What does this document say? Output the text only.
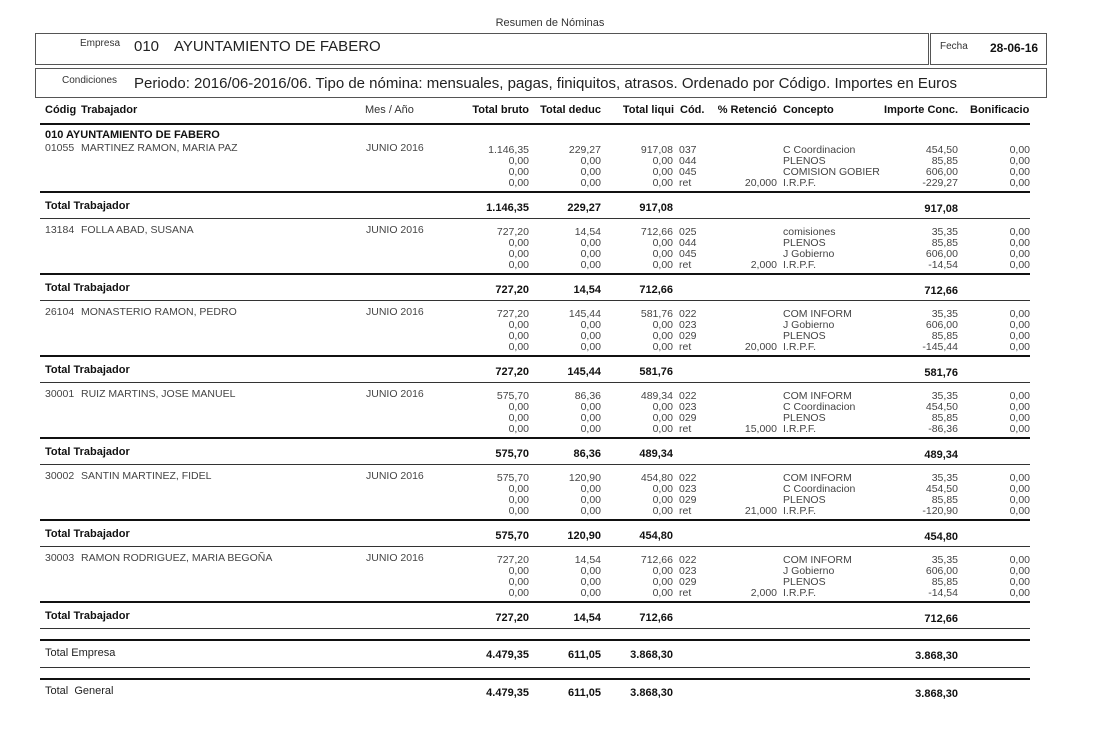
Resumen de Nóminas
Empresa 010 AYUNTAMIENTO DE FABERO	Fecha 28-06-16
Condiciones Periodo: 2016/06-2016/06. Tipo de nómina: mensuales, pagas, finiquitos, atrasos. Ordenado por Código. Importes en Euros
Códig Trabajador	Mes / Año	Total bruto	Total deduc	Total liqui Cód.	% Retenció Concepto	Importe Conc. Bonificacio
010 AYUNTAMIENTO DE FABERO
01055 MARTINEZ RAMON, MARIA PAZ	JUNIO 2016	1.146,35	229,27	917,08 037	C Coordinacion	454,50	0,00
0,00	0,00	0,00 044	PLENOS	85,85	0,00
0,00	0,00	0,00 045	COMISION GOBIER	606,00	0,00
0,00	0,00	0,00 ret	20,000 I.R.P.F.	-229,27	0,00
Total Trabajador	1.146,35	229,27	917,08	917,08
13184 FOLLA ABAD, SUSANA	JUNIO 2016	727,20	14,54	712,66 025	comisiones	35,35	0,00
0,00	0,00	0,00 044	PLENOS	85,85	0,00
0,00	0,00	0,00 045	J Gobierno	606,00	0,00
0,00	0,00	0,00 ret	2,000 I.R.P.F.	-14,54	0,00
Total Trabajador	727,20	14,54	712,66	712,66
26104 MONASTERIO RAMON, PEDRO	JUNIO 2016	727,20	145,44	581,76 022	COM INFORM	35,35	0,00
0,00	0,00	0,00 023	J Gobierno	606,00	0,00
0,00	0,00	0,00 029	PLENOS	85,85	0,00
0,00	0,00	0,00 ret	20,000 I.R.P.F.	-145,44	0,00
Total Trabajador	727,20	145,44	581,76	581,76
30001 RUIZ MARTINS, JOSE MANUEL	JUNIO 2016	575,70	86,36	489,34 022	COM INFORM	35,35	0,00
0,00	0,00	0,00 023	C Coordinacion	454,50	0,00
0,00	0,00	0,00 029	PLENOS	85,85	0,00
0,00	0,00	0,00 ret	15,000 I.R.P.F.	-86,36	0,00
Total Trabajador	575,70	86,36	489,34	489,34
30002 SANTIN MARTINEZ, FIDEL	JUNIO 2016	575,70	120,90	454,80 022	COM INFORM	35,35	0,00
0,00	0,00	0,00 023	C Coordinacion	454,50	0,00
0,00	0,00	0,00 029	PLENOS	85,85	0,00
0,00	0,00	0,00 ret	21,000 I.R.P.F.	-120,90	0,00
Total Trabajador	575,70	120,90	454,80	454,80
30003 RAMON RODRIGUEZ, MARIA BEGOÑA	JUNIO 2016	727,20	14,54	712,66 022	COM INFORM	35,35	0,00
0,00	0,00	0,00 023	J Gobierno	606,00	0,00
0,00	0,00	0,00 029	PLENOS	85,85	0,00
0,00	0,00	0,00 ret	2,000 I.R.P.F.	-14,54	0,00
Total Trabajador	727,20	14,54	712,66	712,66
Total Empresa	4.479,35	611,05	3.868,30	3.868,30
Total  General	4.479,35	611,05	3.868,30	3.868,30
